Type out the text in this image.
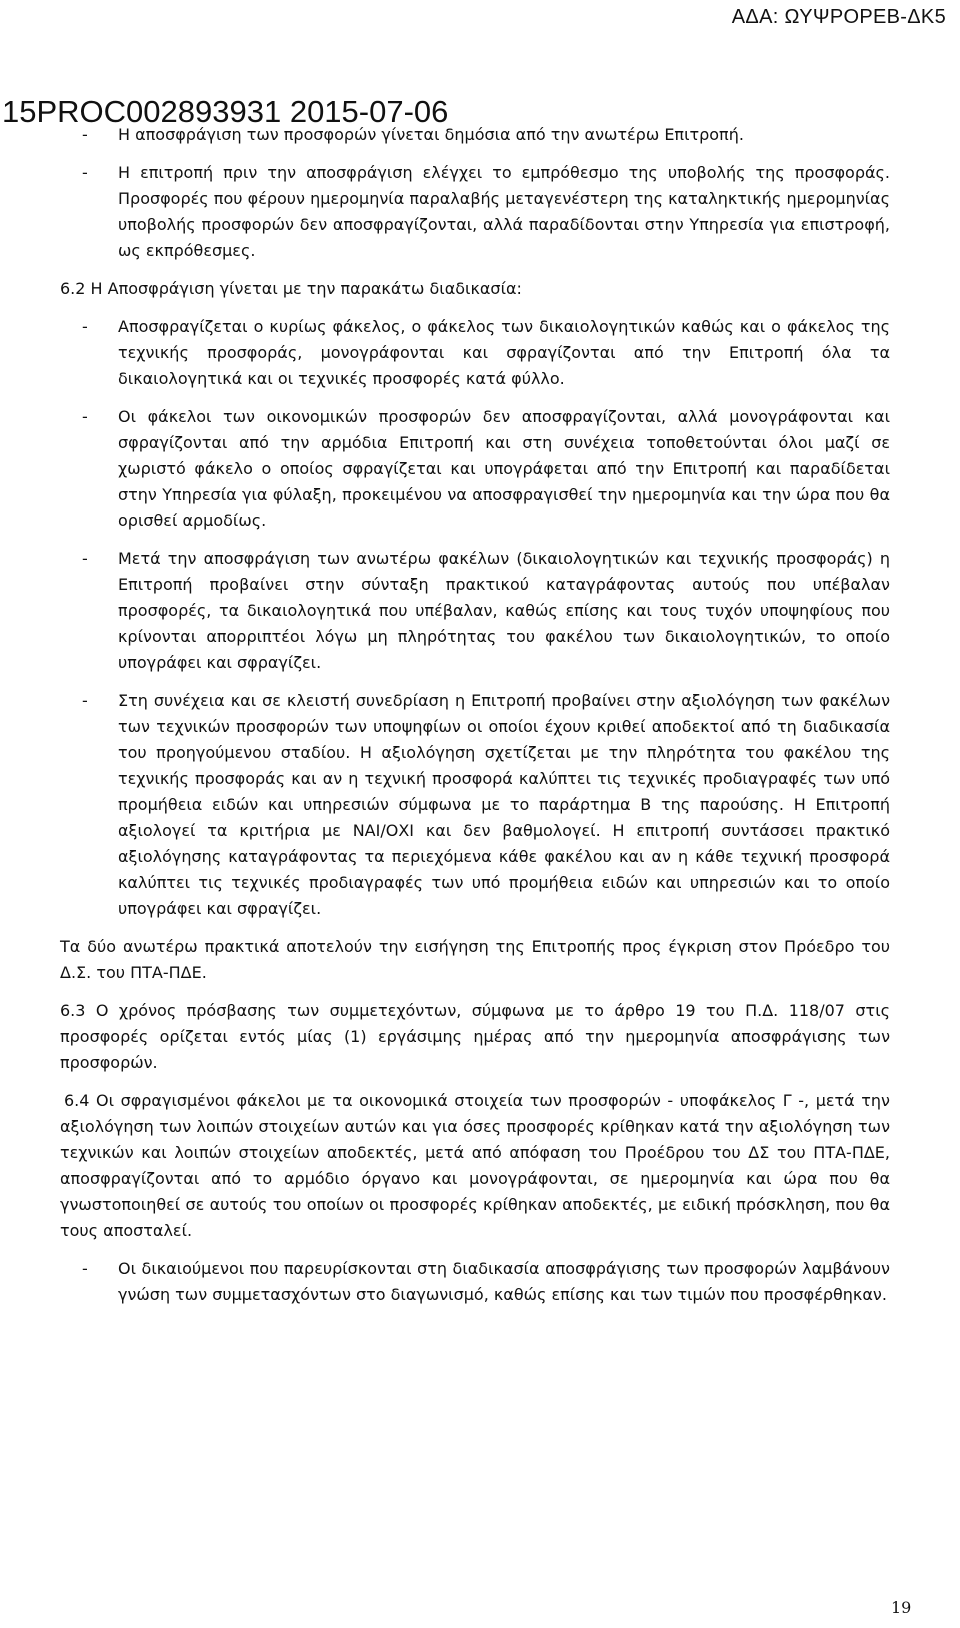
ΑΔΑ: ΩΥΨΡΟΡΕΒ-ΔΚ5
15PROC002893931 2015-07-06
-	Η αποσφράγιση των προσφορών γίνεται δημόσια από την ανωτέρω Επιτροπή.
-	Η επιτροπή πριν την αποσφράγιση ελέγχει το εμπρόθεσμο της υποβολής της προσφοράς. Προσφορές που φέρουν ημερομηνία παραλαβής μεταγενέστερη της καταληκτικής ημερομηνίας υποβολής προσφορών δεν αποσφραγίζονται, αλλά παραδίδονται στην Υπηρεσία για επιστροφή, ως εκπρόθεσμες.

6.2 Η Αποσφράγιση γίνεται με την παρακάτω διαδικασία:

-	Αποσφραγίζεται ο κυρίως φάκελος, ο φάκελος των δικαιολογητικών καθώς και ο φάκελος της τεχνικής προσφοράς, μονογράφονται και σφραγίζονται από την Επιτροπή όλα τα δικαιολογητικά και οι τεχνικές προσφορές κατά φύλλο.
-	Οι φάκελοι των οικονομικών προσφορών δεν αποσφραγίζονται, αλλά μονογράφονται και σφραγίζονται από την αρμόδια Επιτροπή και στη συνέχεια τοποθετούνται όλοι μαζί σε χωριστό φάκελο ο οποίος σφραγίζεται και υπογράφεται από την Επιτροπή και παραδίδεται στην Υπηρεσία για φύλαξη, προκειμένου να αποσφραγισθεί την ημερομηνία και την ώρα που θα ορισθεί αρμοδίως.
-	Μετά την αποσφράγιση των ανωτέρω φακέλων (δικαιολογητικών και τεχνικής προσφοράς) η Επιτροπή προβαίνει στην σύνταξη πρακτικού καταγράφοντας αυτούς που υπέβαλαν προσφορές, τα δικαιολογητικά που υπέβαλαν, καθώς επίσης και τους τυχόν υποψηφίους που κρίνονται απορριπτέοι λόγω μη πληρότητας του φακέλου των δικαιολογητικών, το οποίο υπογράφει και σφραγίζει.
-	Στη συνέχεια και σε κλειστή συνεδρίαση η Επιτροπή προβαίνει στην αξιολόγηση των φακέλων των τεχνικών προσφορών των υποψηφίων οι οποίοι έχουν κριθεί αποδεκτοί από τη διαδικασία του προηγούμενου σταδίου. Η αξιολόγηση σχετίζεται με την πληρότητα του φακέλου της τεχνικής προσφοράς και αν η τεχνική προσφορά καλύπτει τις τεχνικές προδιαγραφές των υπό προμήθεια ειδών και υπηρεσιών σύμφωνα με το παράρτημα Β της παρούσης. Η Επιτροπή αξιολογεί τα κριτήρια με ΝΑΙ/ΟΧΙ και δεν βαθμολογεί. Η επιτροπή συντάσσει πρακτικό αξιολόγησης καταγράφοντας τα περιεχόμενα κάθε φακέλου και αν η κάθε τεχνική προσφορά καλύπτει τις τεχνικές προδιαγραφές των υπό προμήθεια ειδών και υπηρεσιών και το οποίο υπογράφει και σφραγίζει.

Τα δύο ανωτέρω πρακτικά αποτελούν την εισήγηση της Επιτροπής προς έγκριση στον Πρόεδρο του Δ.Σ. του ΠΤΑ-ΠΔΕ.

6.3 Ο χρόνος πρόσβασης των συμμετεχόντων, σύμφωνα με το άρθρο 19 του Π.Δ. 118/07 στις προσφορές ορίζεται εντός μίας (1) εργάσιμης ημέρας από την ημερομηνία αποσφράγισης των προσφορών.

6.4 Οι σφραγισμένοι φάκελοι με τα οικονομικά στοιχεία των προσφορών - υποφάκελος Γ -, μετά την αξιολόγηση των λοιπών στοιχείων αυτών και για όσες προσφορές κρίθηκαν κατά την αξιολόγηση των τεχνικών και λοιπών στοιχείων αποδεκτές, μετά από απόφαση του Προέδρου του ΔΣ του ΠΤΑ-ΠΔΕ, αποσφραγίζονται από το αρμόδιο όργανο και μονογράφονται, σε ημερομηνία και ώρα που θα γνωστοποιηθεί σε αυτούς του οποίων οι προσφορές κρίθηκαν αποδεκτές, με ειδική πρόσκληση, που θα τους αποσταλεί.

-	Οι δικαιούμενοι που παρευρίσκονται στη διαδικασία αποσφράγισης των προσφορών λαμβάνουν γνώση των συμμετασχόντων στο διαγωνισμό, καθώς επίσης και των τιμών που προσφέρθηκαν.
19
